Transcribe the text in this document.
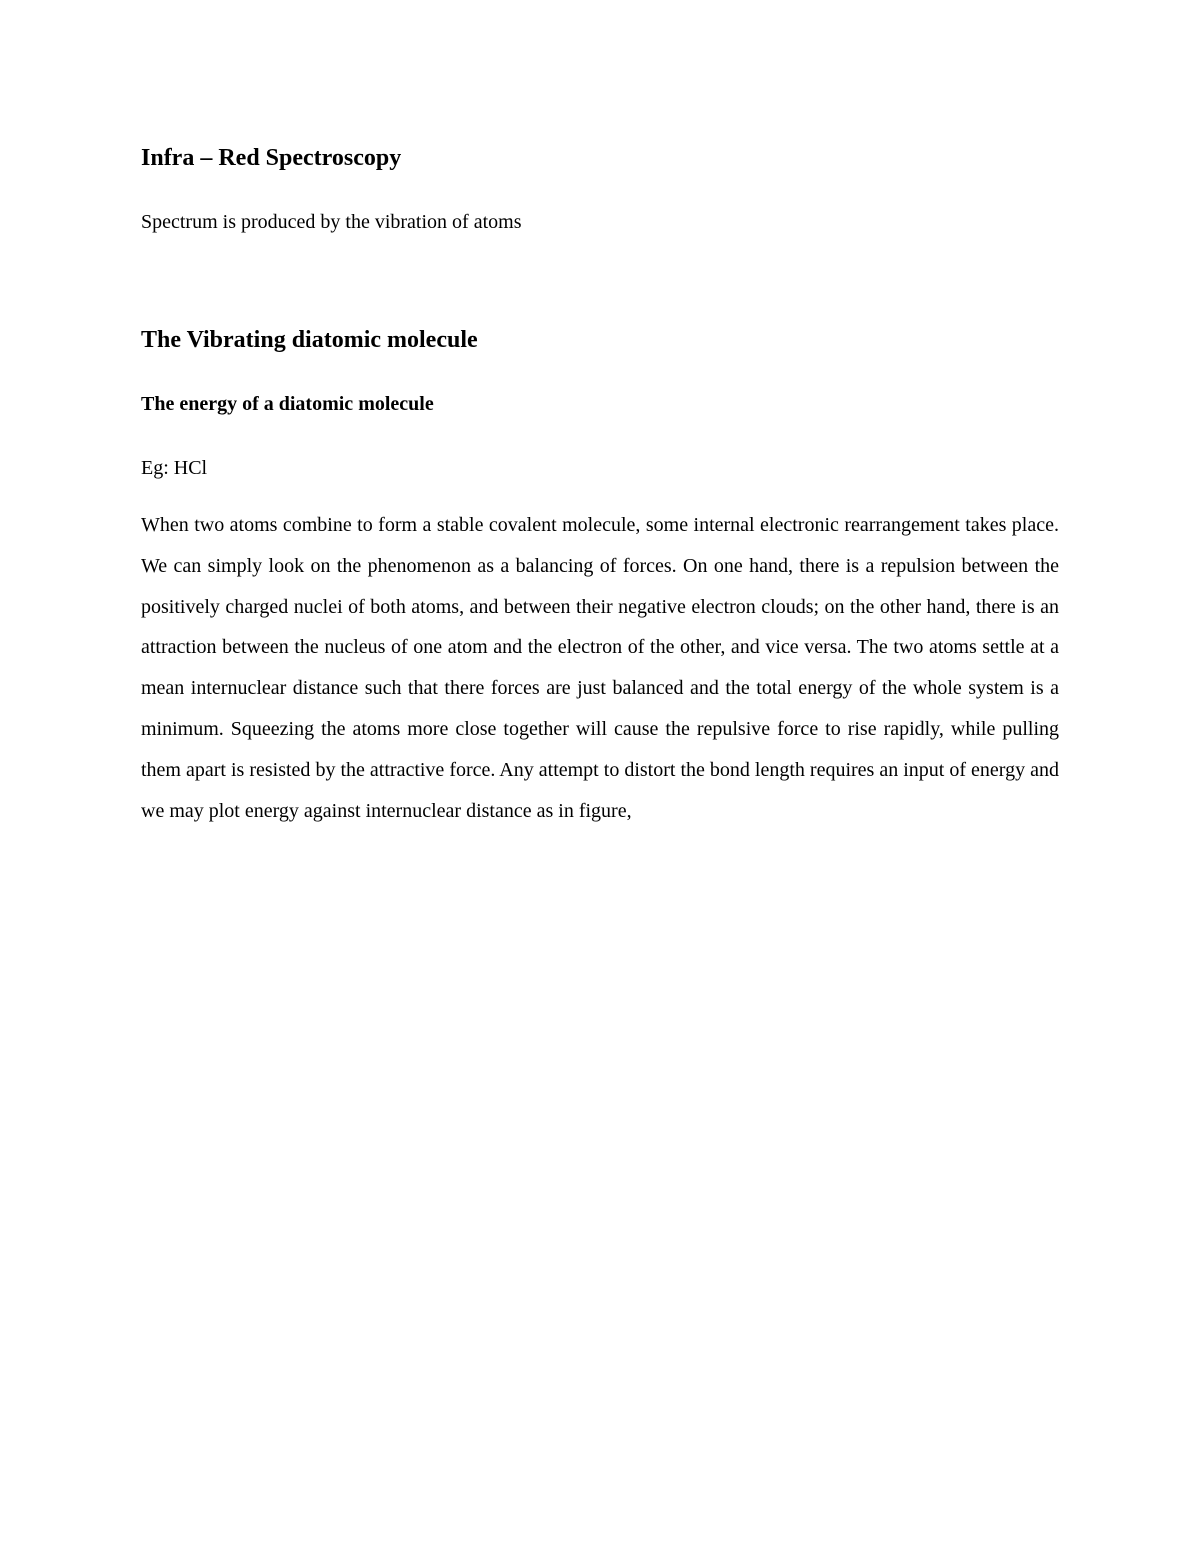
Infra – Red Spectroscopy

Spectrum is produced by the vibration of atoms

The Vibrating diatomic molecule
The energy of a diatomic molecule

Eg: HCl

When two atoms combine to form a stable covalent molecule, some internal electronic rearrangement takes place. We can simply look on the phenomenon as a balancing of forces. On one hand, there is a repulsion between the positively charged nuclei of both atoms, and between their negative electron clouds; on the other hand, there is an attraction between the nucleus of one atom and the electron of the other, and vice versa. The two atoms settle at a mean internuclear distance such that there forces are just balanced and the total energy of the whole system is a minimum. Squeezing the atoms more close together will cause the repulsive force to rise rapidly, while pulling them apart is resisted by the attractive force. Any attempt to distort the bond length requires an input of energy and we may plot energy against internuclear distance as in figure,
